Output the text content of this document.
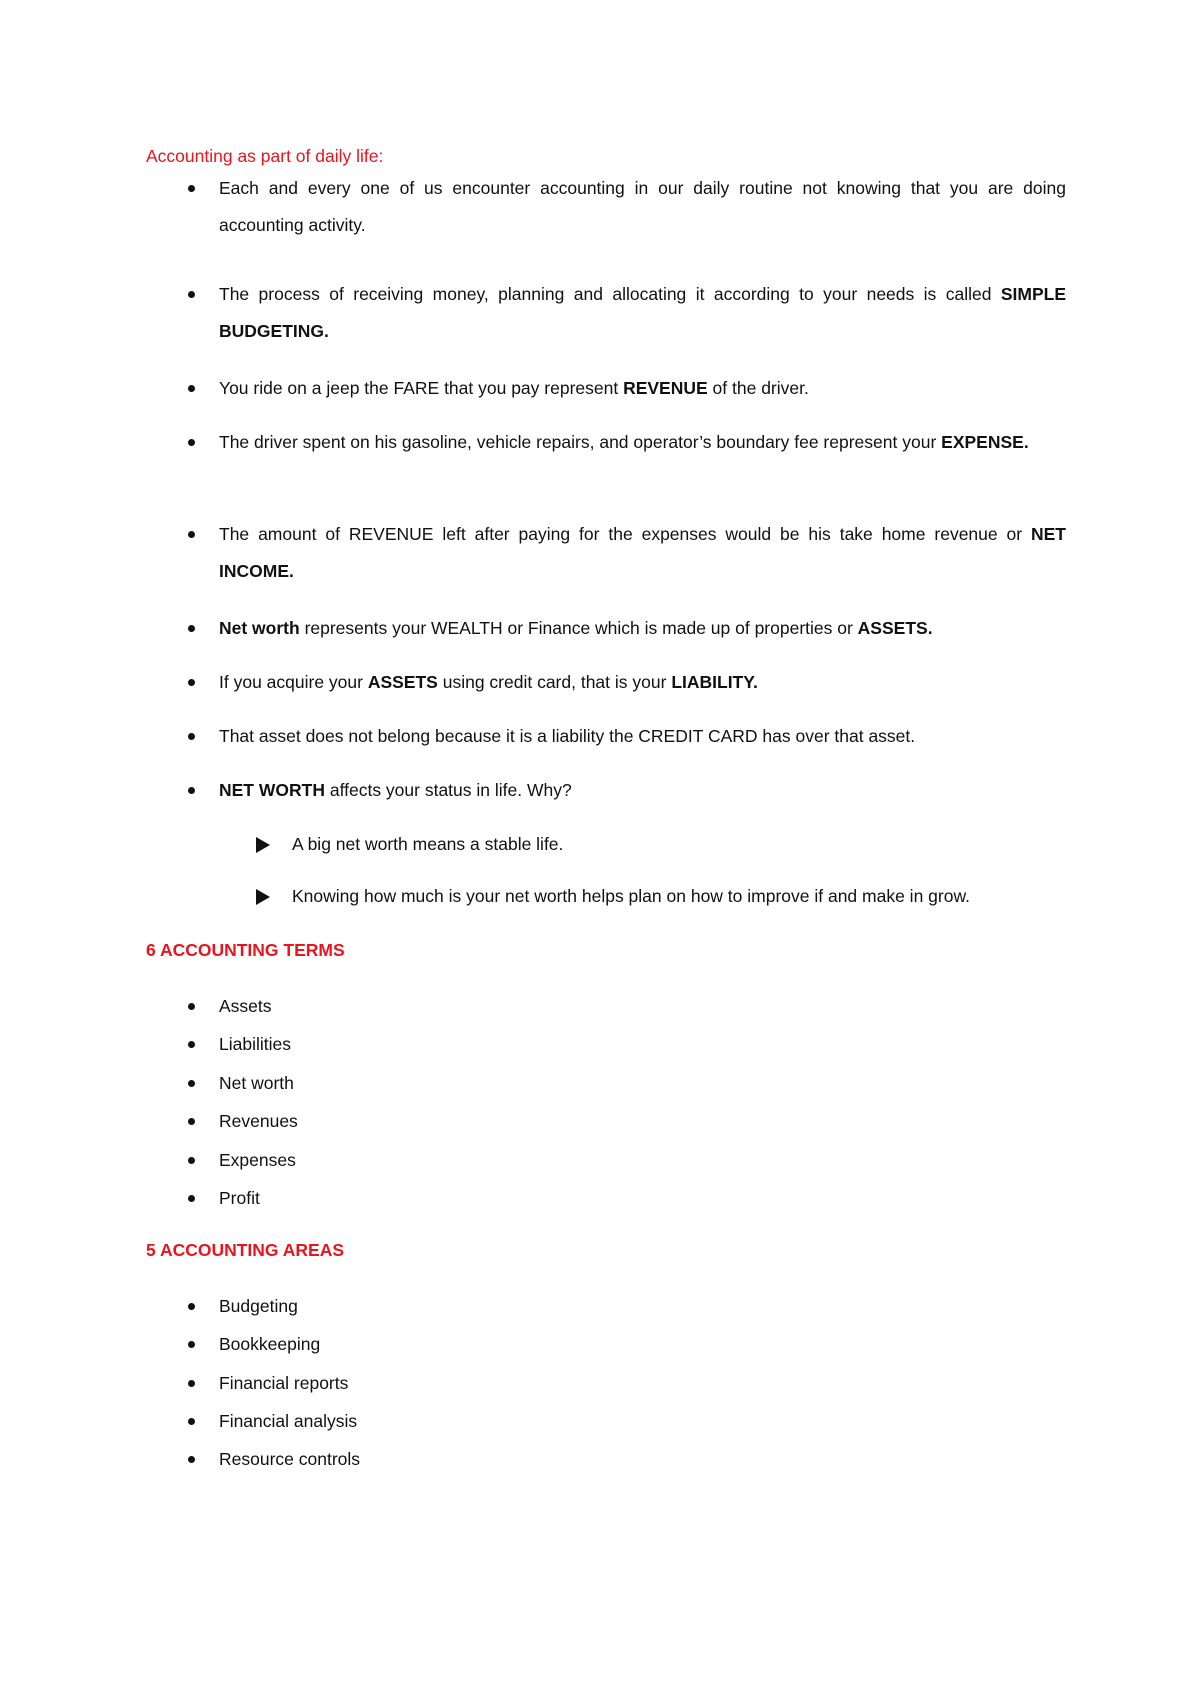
Accounting as part of daily life:
Each and every one of us encounter accounting in our daily routine not knowing that you are doing accounting activity.
The process of receiving money, planning and allocating it according to your needs is called SIMPLE BUDGETING.
You ride on a jeep the FARE that you pay represent REVENUE of the driver.
The driver spent on his gasoline, vehicle repairs, and operator’s boundary fee represent your EXPENSE.
The amount of REVENUE left after paying for the expenses would be his take home revenue or NET INCOME.
Net worth represents your WEALTH or Finance which is made up of properties or ASSETS.
If you acquire your ASSETS using credit card, that is your LIABILITY.
That asset does not belong because it is a liability the CREDIT CARD has over that asset.
NET WORTH affects your status in life. Why?
A big net worth means a stable life.
Knowing how much is your net worth helps plan on how to improve if and make in grow.
6 ACCOUNTING TERMS
Assets
Liabilities
Net worth
Revenues
Expenses
Profit
5 ACCOUNTING AREAS
Budgeting
Bookkeeping
Financial reports
Financial analysis
Resource controls
